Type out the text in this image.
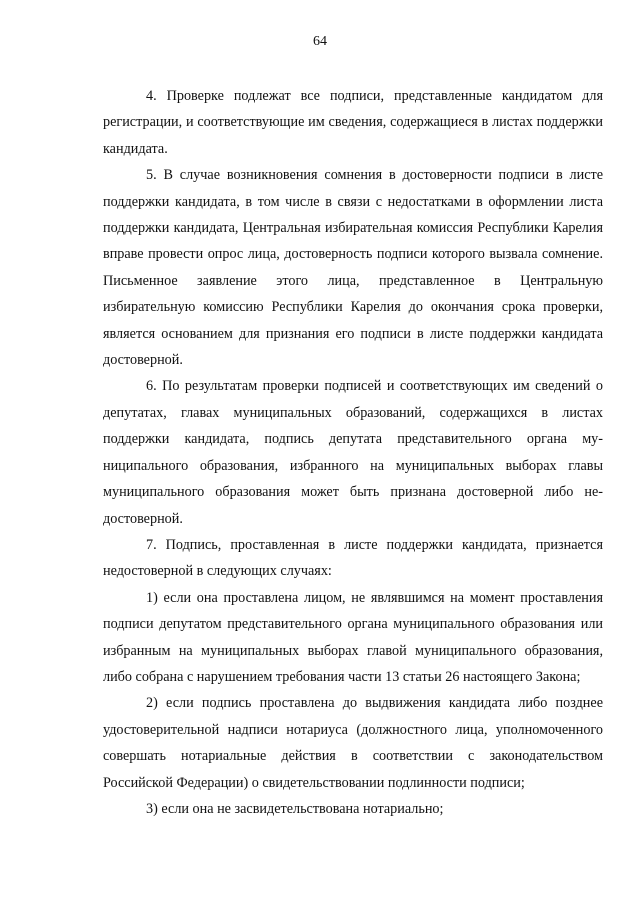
64

4. Проверке подлежат все подписи, представленные кандидатом для регистрации, и соответствующие им сведения, содержащиеся в листах поддержки кандидата.

5. В случае возникновения сомнения в достоверности подписи в листе поддержки кандидата, в том числе в связи с недостатками в оформлении листа поддержки кандидата, Центральная избирательная комиссия Республики Карелия вправе провести опрос лица, достоверность подписи которого вызвала сомнение. Письменное заявление этого лица, представленное в Центральную избирательную комиссию Республики Карелия до окончания срока проверки, является основанием для признания его подписи в листе поддержки кандидата достоверной.

6. По результатам проверки подписей и соответствующих им сведений о депутатах, главах муниципальных образований, содержащихся в листах поддержки кандидата, подпись депутата представительного органа муниципального образования, избранного на муниципальных выборах главы муниципального образования может быть признана достоверной либо недостоверной.

7. Подпись, проставленная в листе поддержки кандидата, признается недостоверной в следующих случаях:

1) если она проставлена лицом, не являвшимся на момент проставления подписи депутатом представительного органа муниципального образования или избранным на муниципальных выборах главой муниципального образования, либо собрана с нарушением требования части 13 статьи 26 настоящего Закона;

2) если подпись проставлена до выдвижения кандидата либо позднее удостоверительной надписи нотариуса (должностного лица, уполномоченного совершать нотариальные действия в соответствии с законодательством Российской Федерации) о свидетельствовании подлинности подписи;

3) если она не засвидетельствована нотариально;
